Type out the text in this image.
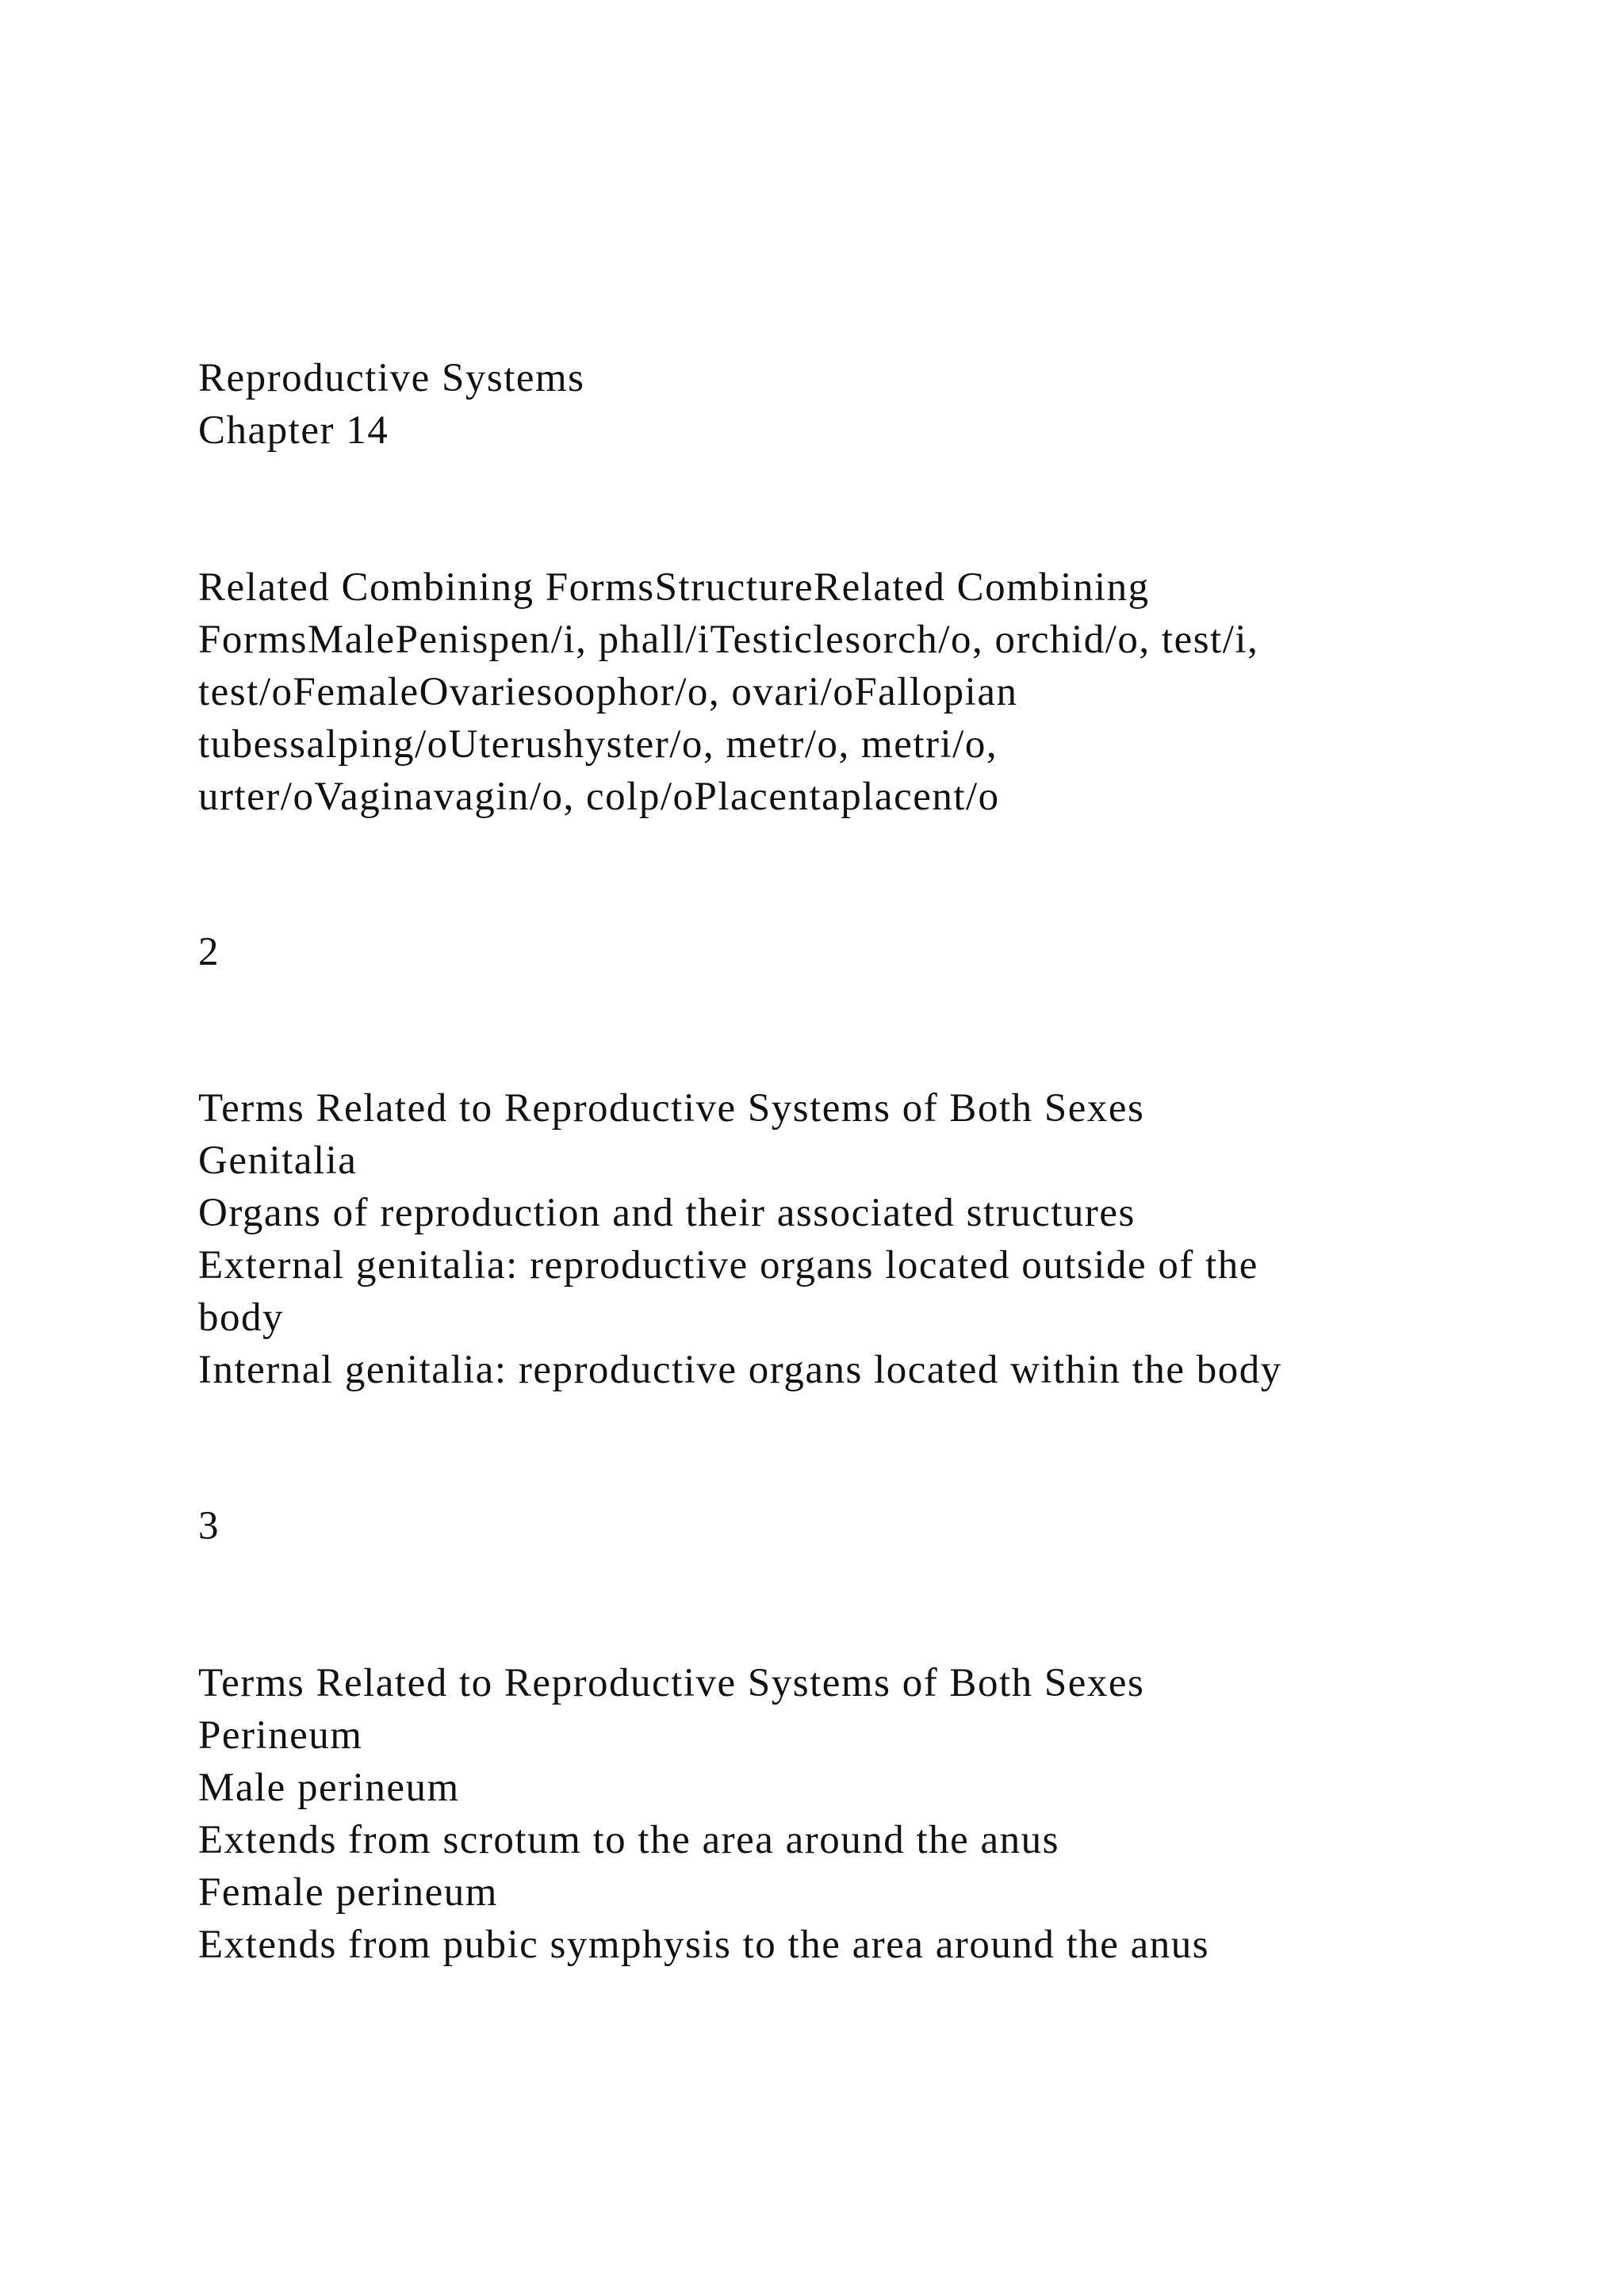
Reproductive Systems
Chapter 14
Related Combining FormsStructureRelated Combining
FormsMalePenispen/i, phall/iTesticlesorch/o, orchid/o, test/i,
test/oFemaleOvariesoophor/o, ovari/oFallopian
tubessalping/oUterushyster/o, metr/o, metri/o,
urter/oVaginavagin/o, colp/oPlacentaplacent/o
2
Terms Related to Reproductive Systems of Both Sexes
Genitalia
Organs of reproduction and their associated structures
External genitalia: reproductive organs located outside of the
body
Internal genitalia: reproductive organs located within the body
3
Terms Related to Reproductive Systems of Both Sexes
Perineum
Male perineum
Extends from scrotum to the area around the anus
Female perineum
Extends from pubic symphysis to the area around the anus
